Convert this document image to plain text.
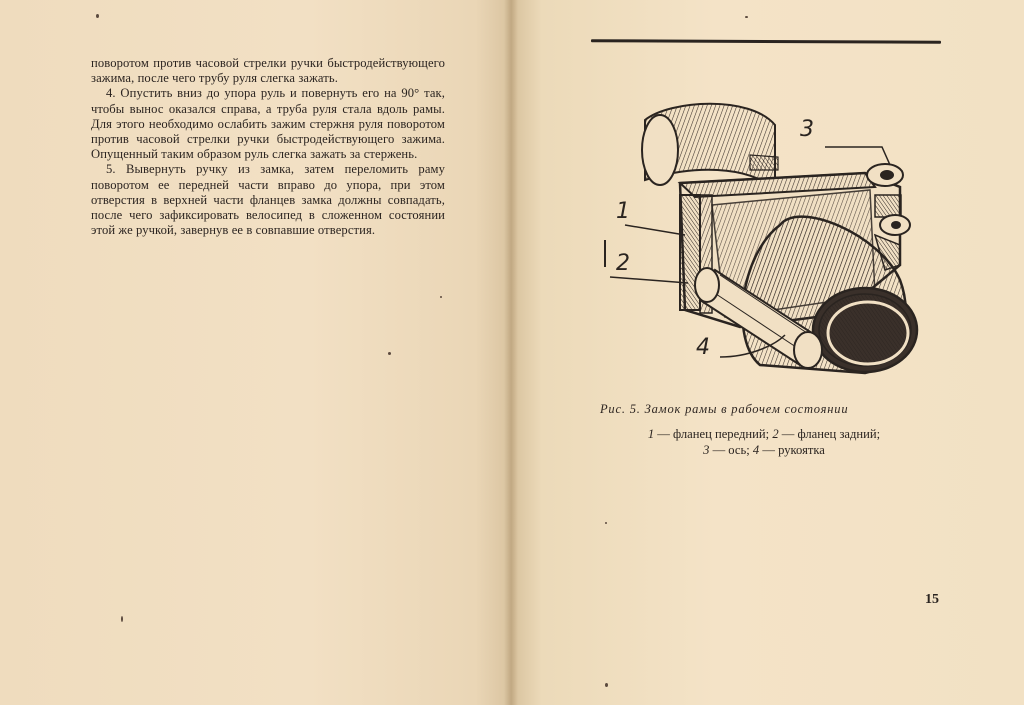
поворотом против часовой стрелки ручки быстродействующего зажима, после чего трубу руля слегка зажать.

4. Опустить вниз до упора руль и повернуть его на 90° так, чтобы вынос оказался справа, а труба руля стала вдоль рамы. Для этого необходимо ослабить зажим стержня руля поворотом против часовой стрелки ручки быстродействующего зажима. Опущенный таким образом руль слегка зажать за стержень.

5. Вывернуть ручку из замка, затем переломить раму поворотом ее передней части вправо до упора, при этом отверстия в верхней части фланцев замка должны совпадать, после чего зафиксировать велосипед в сложенном состоянии этой же ручкой, завернув ее в совпавшие отверстия.

3
1
2
4
Рис. 5. Замок рамы в рабочем состоянии
1 — фланец передний; 2 — фланец задний;
3 — ось; 4 — рукоятка
15
